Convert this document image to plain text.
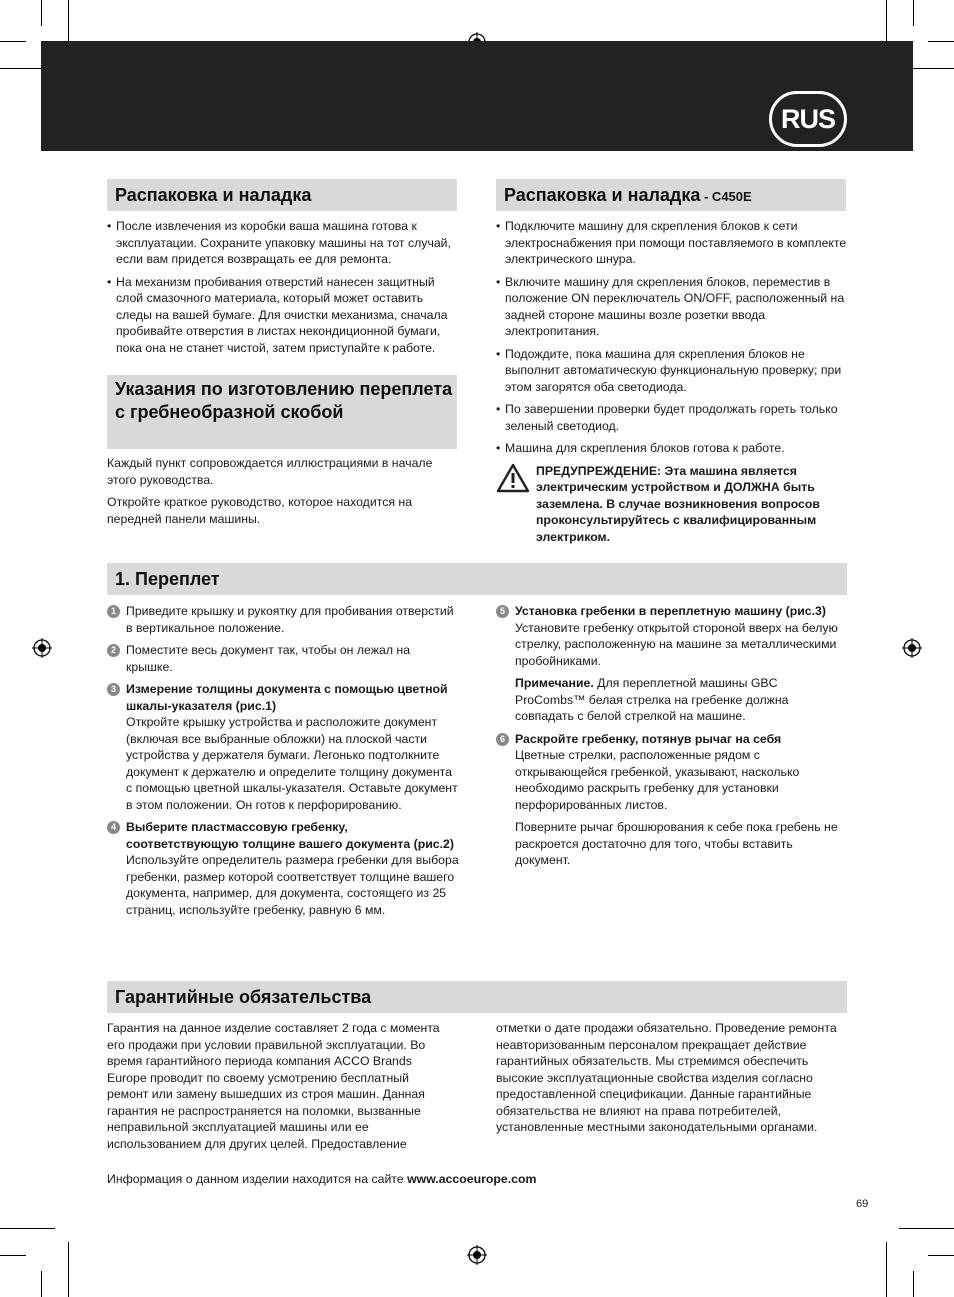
RUS
Распаковка и наладка
• После извлечения из коробки ваша машина готова к эксплуатации. Сохраните упаковку машины на тот случай, если вам придется возвращать ее для ремонта.
• На механизм пробивания отверстий нанесен защитный слой смазочного материала, который может оставить следы на вашей бумаге. Для очистки механизма, сначала пробивайте отверстия в листах некондиционной бумаги, пока она не станет чистой, затем приступайте к работе.
Распаковка и наладка - C450E
• Подключите машину для скрепления блоков к сети электроснабжения при помощи поставляемого в комплекте электрического шнура.
• Включите машину для скрепления блоков, переместив в положение ON переключатель ON/OFF, расположенный на задней стороне машины возле розетки ввода электропитания.
• Подождите, пока машина для скрепления блоков не выполнит автоматическую функциональную проверку; при этом загорятся оба светодиода.
• По завершении проверки будет продолжать гореть только зеленый светодиод.
• Машина для скрепления блоков готова к работе.
ПРЕДУПРЕЖДЕНИЕ: Эта машина является электрическим устройством и ДОЛЖНА быть заземлена. В случае возникновения вопросов проконсультируйтесь с квалифицированным электриком.
Указания по изготовлению переплета с гребнеобразной скобой

Каждый пункт сопровождается иллюстрациями в начале этого руководства.

Откройте краткое руководство, которое находится на передней панели машины.

1. Переплет
1 Приведите крышку и рукоятку для пробивания отверстий в вертикальное положение.
2 Поместите весь документ так, чтобы он лежал на крышке.
3 Измерение толщины документа с помощью цветной шкалы-указателя (рис.1)
Откройте крышку устройства и расположите документ (включая все выбранные обложки) на плоской части устройства у держателя бумаги. Легонько подтолкните документ к держателю и определите толщину документа с помощью цветной шкалы-указателя. Оставьте документ в этом положении. Он готов к перфорированию.
4 Выберите пластмассовую гребенку, соответствующую толщине вашего документа (рис.2)
Используйте определитель размера гребенки для выбора гребенки, размер которой соответствует толщине вашего документа, например, для документа, состоящего из 25 страниц, используйте гребенку, равную 6 мм.
5 Установка гребенки в переплетную машину (рис.3)
Установите гребенку открытой стороной вверх на белую стрелку, расположенную на машине за металлическими пробойниками.
Примечание. Для переплетной машины GBC ProCombs™ белая стрелка на гребенке должна совпадать с белой стрелкой на машине.
6 Раскройте гребенку, потянув рычаг на себя
Цветные стрелки, расположенные рядом с открывающейся гребенкой, указывают, насколько необходимо раскрыть гребенку для установки перфорированных листов.
Поверните рычаг брошюрования к себе пока гребень не раскроется достаточно для того, чтобы вставить документ.
Гарантийные обязательства
Гарантия на данное изделие составляет 2 года с момента его продажи при условии правильной эксплуатации. Во время гарантийного периода компания ACCO Brands Europe проводит по своему усмотрению бесплатный ремонт или замену вышедших из строя машин. Данная гарантия не распространяется на поломки, вызванные неправильной эксплуатацией машины или ее использованием для других целей. Предоставление
отметки о дате продажи обязательно. Проведение ремонта неавторизованным персоналом прекращает действие гарантийных обязательств. Мы стремимся обеспечить высокие эксплуатационные свойства изделия согласно предоставленной спецификации. Данные гарантийные обязательства не влияют на права потребителей, установленные местными законодательными органами.
Информация о данном изделии находится на сайте www.accoeurope.com
69
